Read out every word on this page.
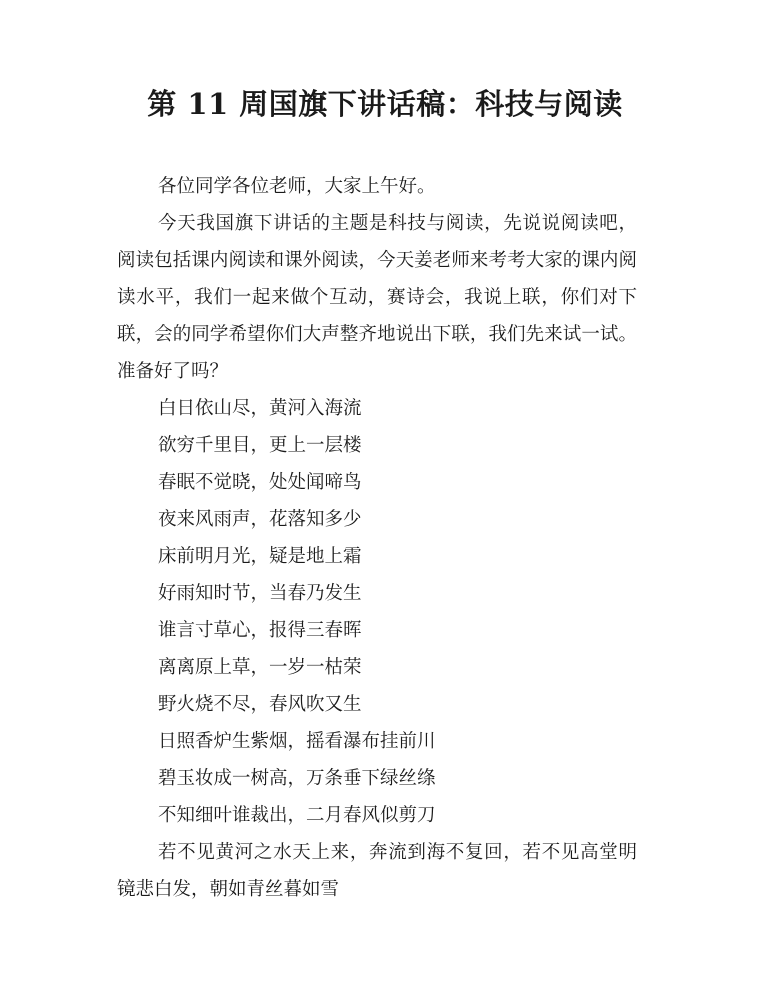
第 11 周国旗下讲话稿：科技与阅读

各位同学各位老师，大家上午好。

今天我国旗下讲话的主题是科技与阅读，先说说阅读吧，阅读包括课内阅读和课外阅读，今天姜老师来考考大家的课内阅读水平，我们一起来做个互动，赛诗会，我说上联，你们对下联，会的同学希望你们大声整齐地说出下联，我们先来试一试。准备好了吗？

白日依山尽，黄河入海流

欲穷千里目，更上一层楼

春眠不觉晓，处处闻啼鸟

夜来风雨声，花落知多少

床前明月光，疑是地上霜

好雨知时节，当春乃发生

谁言寸草心，报得三春晖

离离原上草，一岁一枯荣

野火烧不尽，春风吹又生

日照香炉生紫烟，摇看瀑布挂前川

碧玉妆成一树高，万条垂下绿丝绦

不知细叶谁裁出，二月春风似剪刀

若不见黄河之水天上来，奔流到海不复回，若不见高堂明镜悲白发，朝如青丝暮如雪
